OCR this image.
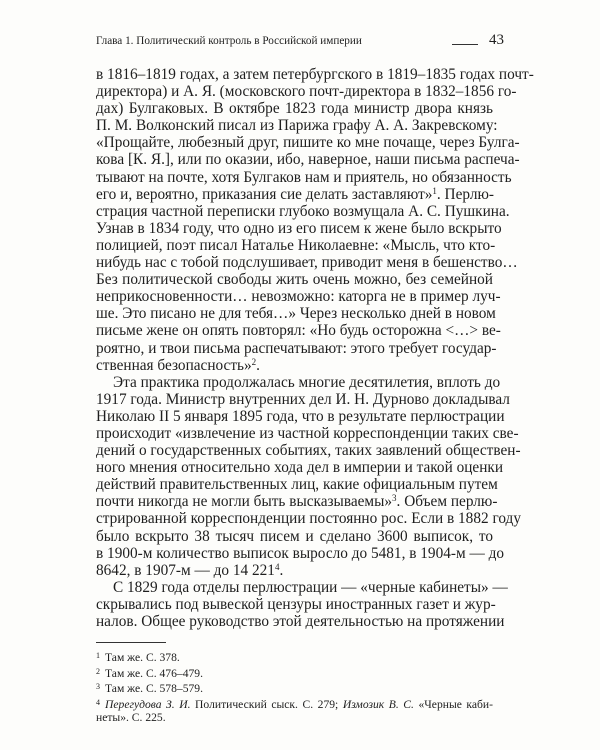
Глава 1. Политический контроль в Российской империи	43
в 1816–1819 годах, а затем петербургского в 1819–1835 годах почт-
директора) и А. Я. (московского почт-директора в 1832–1856 го-
дах) Булгаковых. В октябре 1823 года министр двора князь
П. М. Волконский писал из Парижа графу А. А. Закревскому:
«Прощайте, любезный друг, пишите ко мне почаще, через Булга-
кова [К. Я.], или по оказии, ибо, наверное, наши письма распеча-
тывают на почте, хотя Булгаков нам и приятель, но обязанность
его и, вероятно, приказания сие делать заставляют»$^1$. Перлю-
страция частной переписки глубоко возмущала А. С. Пушкина.
Узнав в 1834 году, что одно из его писем к жене было вскрыто
полицией, поэт писал Наталье Николаевне: «Мысль, что кто-
нибудь нас с тобой подслушивает, приводит меня в бешенство…
Без политической свободы жить очень можно, без семейной
неприкосновенности… невозможно: каторга не в пример луч-
ше. Это писано не для тебя…» Через несколько дней в новом
письме жене он опять повторял: «Но будь осторожна <…> ве-
роятно, и твои письма распечатывают: этого требует государ-
ственная безопасность»$^2$.
Эта практика продолжалась многие десятилетия, вплоть до
1917 года. Министр внутренних дел И. Н. Дурново докладывал
Николаю II 5 января 1895 года, что в результате перлюстрации
происходит «извлечение из частной корреспонденции таких све-
дений о государственных событиях, таких заявлений обществен-
ного мнения относительно хода дел в империи и такой оценки
действий правительственных лиц, какие официальным путем
почти никогда не могли быть высказываемы»$^3$. Объем перлю-
стрированной корреспонденции постоянно рос. Если в 1882 году
было вскрыто 38 тысяч писем и сделано 3600 выписок, то
в 1900-м количество выписок выросло до 5481, в 1904-м — до
8642, в 1907-м — до 14 $221^4$.
С 1829 года отделы перлюстрации — «черные кабинеты» —
скрывались под вывеской цензуры иностранных газет и жур-
налов. Общее руководство этой деятельностью на протяжении
$^1$ Там же. С. 378.
$^2$ Там же. С. 476–479.
$^3$ Там же. С. 578–579.
$^4$ Перегудова З. И. Политический сыск. С. 279; Измозик В. С. «Черные каби-
неты». С. 225.
